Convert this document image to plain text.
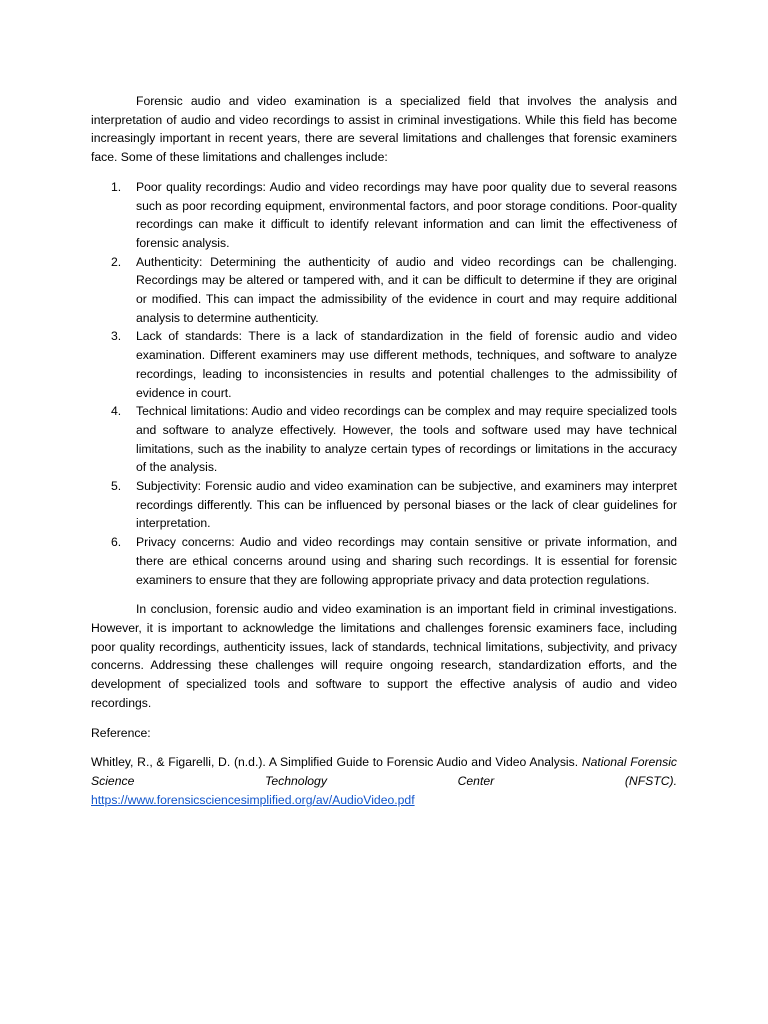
Forensic audio and video examination is a specialized field that involves the analysis and interpretation of audio and video recordings to assist in criminal investigations. While this field has become increasingly important in recent years, there are several limitations and challenges that forensic examiners face. Some of these limitations and challenges include:

1. Poor quality recordings: Audio and video recordings may have poor quality due to several reasons such as poor recording equipment, environmental factors, and poor storage conditions. Poor-quality recordings can make it difficult to identify relevant information and can limit the effectiveness of forensic analysis.
2. Authenticity: Determining the authenticity of audio and video recordings can be challenging. Recordings may be altered or tampered with, and it can be difficult to determine if they are original or modified. This can impact the admissibility of the evidence in court and may require additional analysis to determine authenticity.
3. Lack of standards: There is a lack of standardization in the field of forensic audio and video examination. Different examiners may use different methods, techniques, and software to analyze recordings, leading to inconsistencies in results and potential challenges to the admissibility of evidence in court.
4. Technical limitations: Audio and video recordings can be complex and may require specialized tools and software to analyze effectively. However, the tools and software used may have technical limitations, such as the inability to analyze certain types of recordings or limitations in the accuracy of the analysis.
5. Subjectivity: Forensic audio and video examination can be subjective, and examiners may interpret recordings differently. This can be influenced by personal biases or the lack of clear guidelines for interpretation.
6. Privacy concerns: Audio and video recordings may contain sensitive or private information, and there are ethical concerns around using and sharing such recordings. It is essential for forensic examiners to ensure that they are following appropriate privacy and data protection regulations.

In conclusion, forensic audio and video examination is an important field in criminal investigations. However, it is important to acknowledge the limitations and challenges forensic examiners face, including poor quality recordings, authenticity issues, lack of standards, technical limitations, subjectivity, and privacy concerns. Addressing these challenges will require ongoing research, standardization efforts, and the development of specialized tools and software to support the effective analysis of audio and video recordings.

Reference:

Whitley, R., & Figarelli, D. (n.d.). A Simplified Guide to Forensic Audio and Video Analysis. National Forensic Science Technology Center (NFSTC).

https://www.forensicsciencesimplified.org/av/AudioVideo.pdf
